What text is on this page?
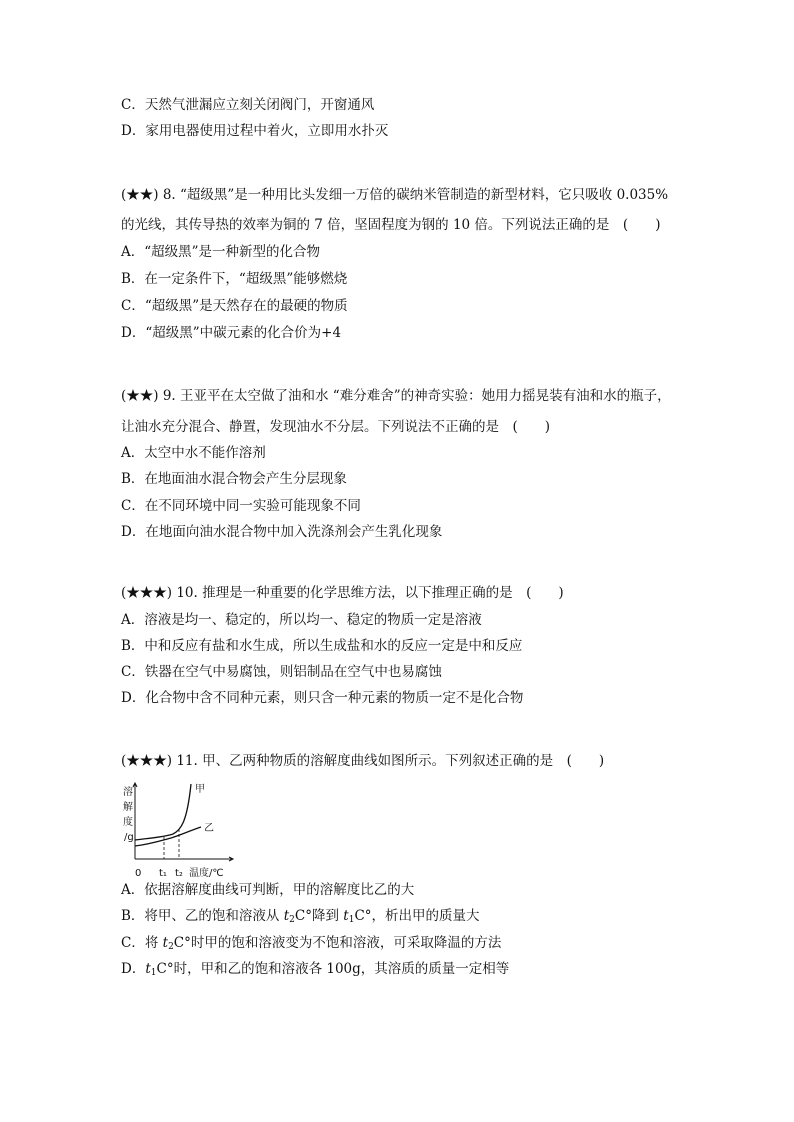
C．天然气泄漏应立刻关闭阀门，开窗通风
D．家用电器使用过程中着火，立即用水扑灭
(★★) 8. “超级黑”是一种用比头发细一万倍的碳纳米管制造的新型材料，它只吸收 0.035%
的光线，其传导热的效率为铜的 7 倍，坚固程度为钢的 10 倍。下列说法正确的是　(　　)
A．“超级黑”是一种新型的化合物
B．在一定条件下，“超级黑”能够燃烧
C．“超级黑”是天然存在的最硬的物质
D．“超级黑”中碳元素的化合价为+4
(★★) 9. 王亚平在太空做了油和水 “难分难舍”的神奇实验：她用力摇晃装有油和水的瓶子，
让油水充分混合、静置，发现油水不分层。下列说法不正确的是　(　　)
A．太空中水不能作溶剂
B．在地面油水混合物会产生分层现象
C．在不同环境中同一实验可能现象不同
D．在地面向油水混合物中加入洗涤剂会产生乳化现象
(★★★) 10. 推理是一种重要的化学思维方法，以下推理正确的是　(　　)
A．溶液是均一、稳定的，所以均一、稳定的物质一定是溶液
B．中和反应有盐和水生成，所以生成盐和水的反应一定是中和反应
C．铁器在空气中易腐蚀，则铝制品在空气中也易腐蚀
D．化合物中含不同种元素，则只含一种元素的物质一定不是化合物
(★★★) 11. 甲、乙两种物质的溶解度曲线如图所示。下列叙述正确的是　(　　)
溶
解
度
/g
甲
乙
0 t₁ t₂ 温度/℃
A．依据溶解度曲线可判断，甲的溶解度比乙的大
B．将甲、乙的饱和溶液从 $t_2C^\circ$降到 $t_1C^\circ$，析出甲的质量大
C．将 $t_2C^\circ$时甲的饱和溶液变为不饱和溶液，可采取降温的方法
D．$t_1C^\circ$时，甲和乙的饱和溶液各 100g，其溶质的质量一定相等
